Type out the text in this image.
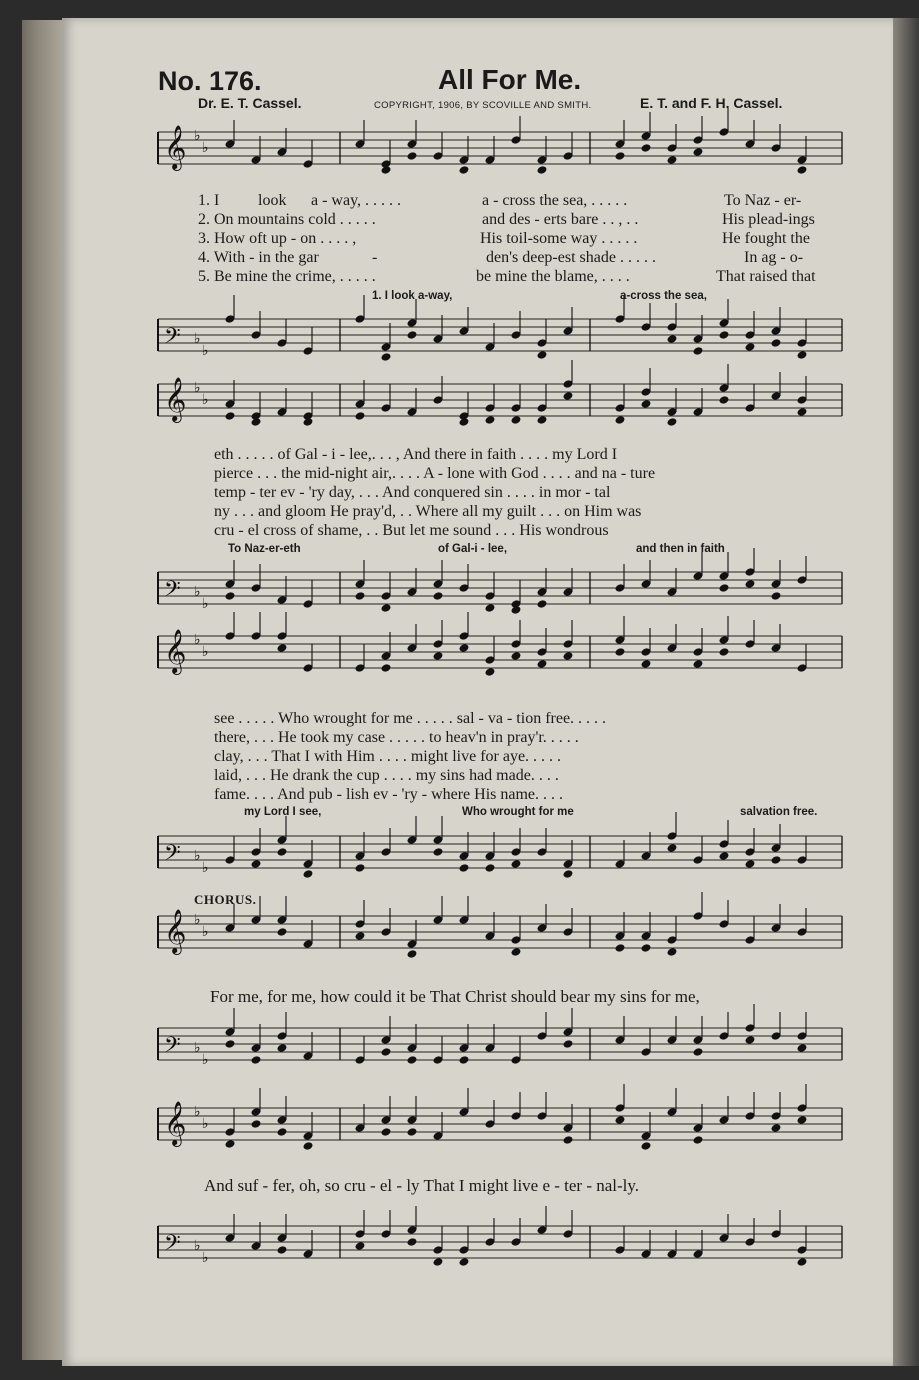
No. 176.	All For Me.
Dr. E. T. Cassel.	COPYRIGHT, 1906, BY SCOVILLE AND SMITH.	E. T. and F. H. Cassel.
𝄞 ♭
♭
𝄢 ♭
♭
1. I look a - way, . . . . .	a - cross the sea, . . . . .	To Naz - er-
2. On mountains cold . . . . .	and des - erts bare . . , . .	His plead-ings
3. How oft up - on . . . . ,	His toil-some way . . . . .	He fought the
4. With - in the gar	-	den's deep-est shade . . . . .	In ag - o-
5. Be mine the crime, . . . . .	be mine the blame, . . . .	That raised that
1. I look a-way,	a-cross the sea,
𝄞 ♭
♭
eth . . . . . of Gal - i - lee,. . . , And there in faith . . . . my Lord I
pierce . . . the mid-night air,. . . . A - lone with God . . . . and na - ture
temp - ter ev - 'ry day, . . . And conquered sin . . . . in mor - tal
ny . . . and gloom He pray'd, . . Where all my guilt . . . on Him was
cru - el cross of shame, . . But let me sound . . . His wondrous
To Naz-er-eth	of Gal-i - lee,	and then in faith
𝄢 ♭
♭
𝄞 ♭
♭
see . . . . . Who wrought for me . . . . . sal - va - tion free. . . . .
there, . . . He took my case . . . . . to heav'n in pray'r. . . . .
clay, . . . That I with Him . . . . might live for aye. . . . .
laid, . . . He drank the cup . . . . my sins had made. . . .
fame. . . . And pub - lish ev - 'ry - where His name. . . .
my Lord I see,	Who wrought for me	salvation free.
𝄢 ♭
♭
CHORUS.
𝄞 ♭
♭
For me, for me, how could it be That Christ should bear my sins for me,
𝄢 ♭
♭
𝄞 ♭
♭
And suf - fer, oh, so cru - el - ly That I might live e - ter - nal-ly.
𝄢 ♭
♭
